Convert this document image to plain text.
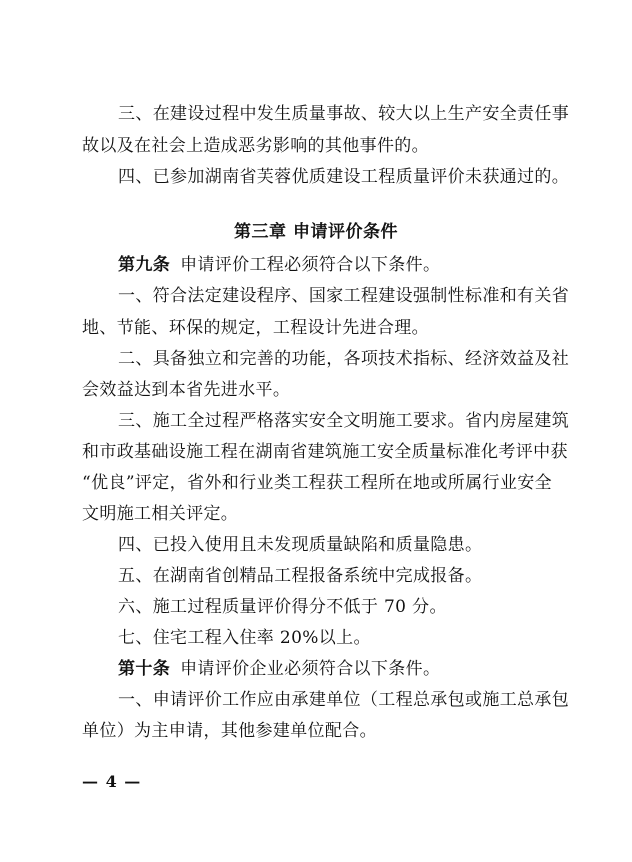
三、在建设过程中发生质量事故、较大以上生产安全责任事
故以及在社会上造成恶劣影响的其他事件的。
四、已参加湖南省芙蓉优质建设工程质量评价未获通过的。
第三章 申请评价条件
第九条 申请评价工程必须符合以下条件。
一、符合法定建设程序、国家工程建设强制性标准和有关省
地、节能、环保的规定，工程设计先进合理。
二、具备独立和完善的功能，各项技术指标、经济效益及社
会效益达到本省先进水平。
三、施工全过程严格落实安全文明施工要求。省内房屋建筑
和市政基础设施工程在湖南省建筑施工安全质量标准化考评中获
“优良”评定，省外和行业类工程获工程所在地或所属行业安全
文明施工相关评定。
四、已投入使用且未发现质量缺陷和质量隐患。
五、在湖南省创精品工程报备系统中完成报备。
六、施工过程质量评价得分不低于 70 分。
七、住宅工程入住率 20%以上。
第十条 申请评价企业必须符合以下条件。
一、申请评价工作应由承建单位（工程总承包或施工总承包
单位）为主申请，其他参建单位配合。
— 4 —
